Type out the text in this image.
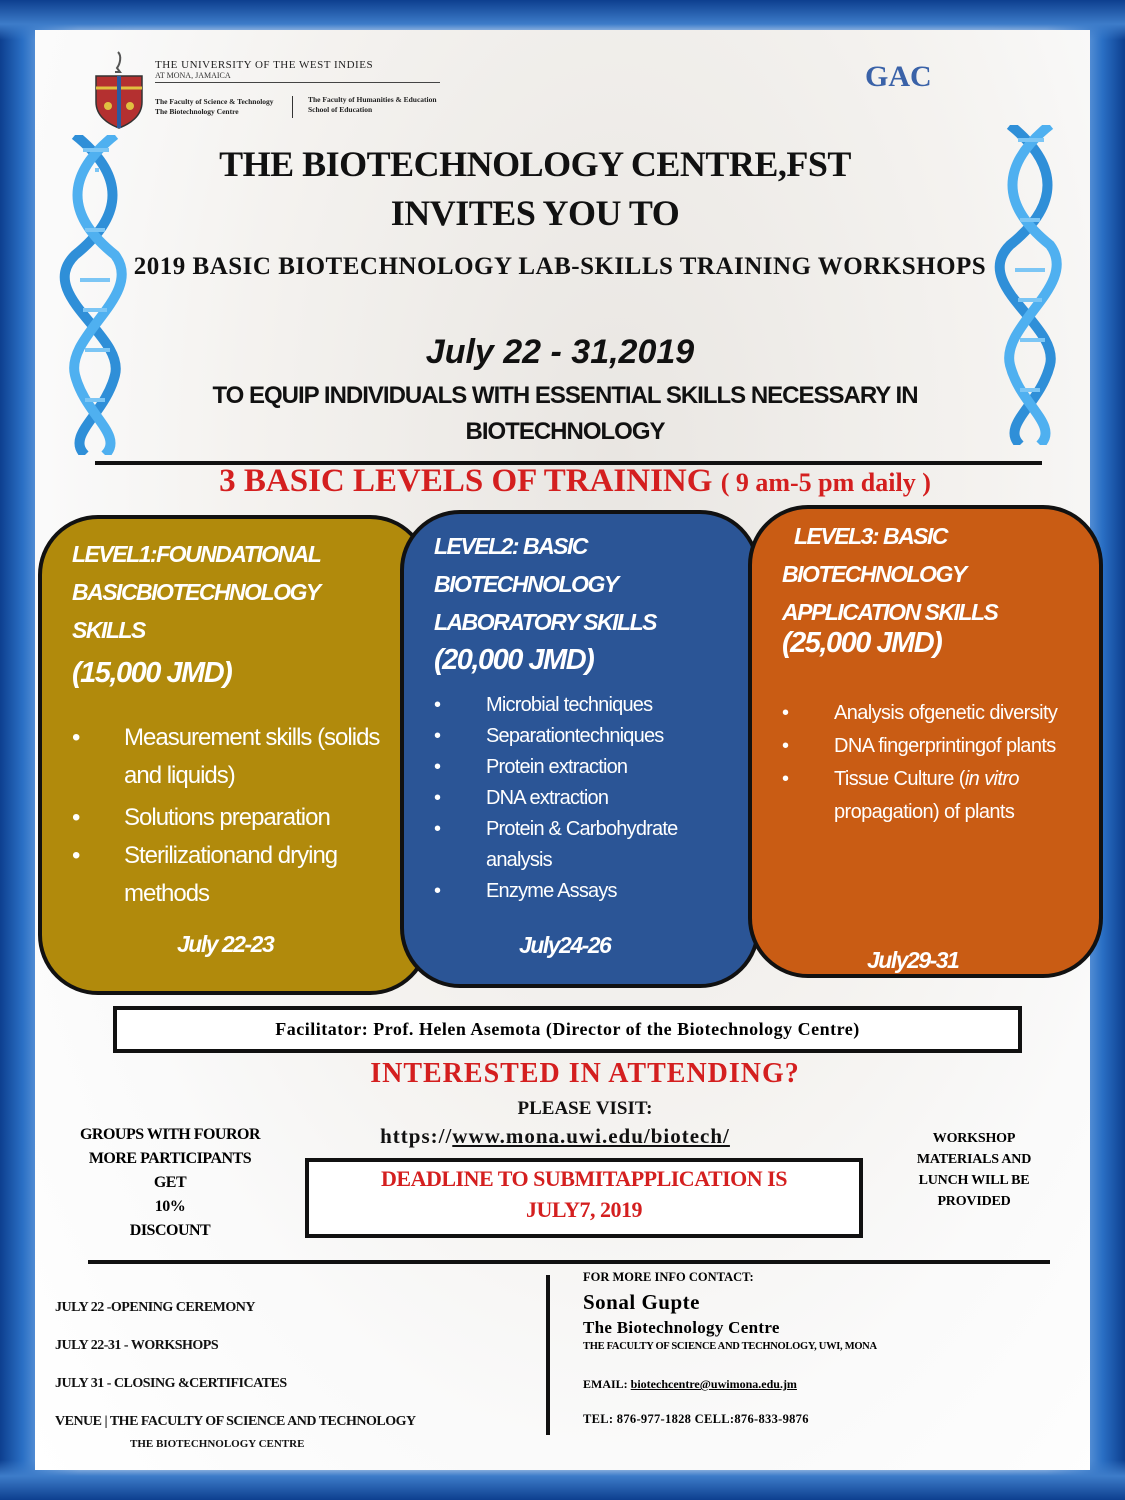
THE UNIVERSITY OF THE WEST INDIES
AT MONA, JAMAICA
The Faculty of Science & Technology
The Biotechnology Centre
The Faculty of Humanities & Education
School of Education
GAC
THE BIOTECHNOLOGY CENTRE,FST
INVITES YOU TO
2019 BASIC BIOTECHNOLOGY LAB-SKILLS TRAINING WORKSHOPS
July 22 - 31,2019
TO EQUIP INDIVIDUALS WITH ESSENTIAL SKILLS NECESSARY IN BIOTECHNOLOGY
3 BASIC LEVELS OF TRAINING ( 9 am-5 pm daily )
LEVEL1:FOUNDATIONAL
BASICBIOTECHNOLOGY
SKILLS
(15,000 JMD)
• Measurement skills (solids and liquids)
• Solutions preparation
• Sterilizationand drying methods
July 22-23
LEVEL2: BASIC
BIOTECHNOLOGY
LABORATORY SKILLS
(20,000 JMD)
• Microbial techniques
• Separationtechniques
• Protein extraction
• DNA extraction
• Protein & Carbohydrate analysis
• Enzyme Assays
July24-26
LEVEL3: BASIC
BIOTECHNOLOGY
APPLICATION SKILLS
(25,000 JMD)
• Analysis ofgenetic diversity
• DNA fingerprintingof plants
• Tissue Culture (in vitro propagation) of plants
July29-31
Facilitator: Prof. Helen Asemota (Director of the Biotechnology Centre)
INTERESTED IN ATTENDING?
PLEASE VISIT:
https://www.mona.uwi.edu/biotech/
GROUPS WITH FOUROR
MORE PARTICIPANTS
GET
10%
DISCOUNT
DEADLINE TO SUBMITAPPLICATION IS
JULY7, 2019
WORKSHOP
MATERIALS AND
LUNCH WILL BE
PROVIDED
JULY 22 -OPENING CEREMONY
JULY 22-31 - WORKSHOPS
JULY 31 - CLOSING &CERTIFICATES
VENUE | THE FACULTY OF SCIENCE AND TECHNOLOGY
THE BIOTECHNOLOGY CENTRE
FOR MORE INFO CONTACT:
Sonal Gupte
The Biotechnology Centre
THE FACULTY OF SCIENCE AND TECHNOLOGY, UWI, MONA
EMAIL: biotechcentre@uwimona.edu.jm
TEL: 876-977-1828 CELL:876-833-9876
